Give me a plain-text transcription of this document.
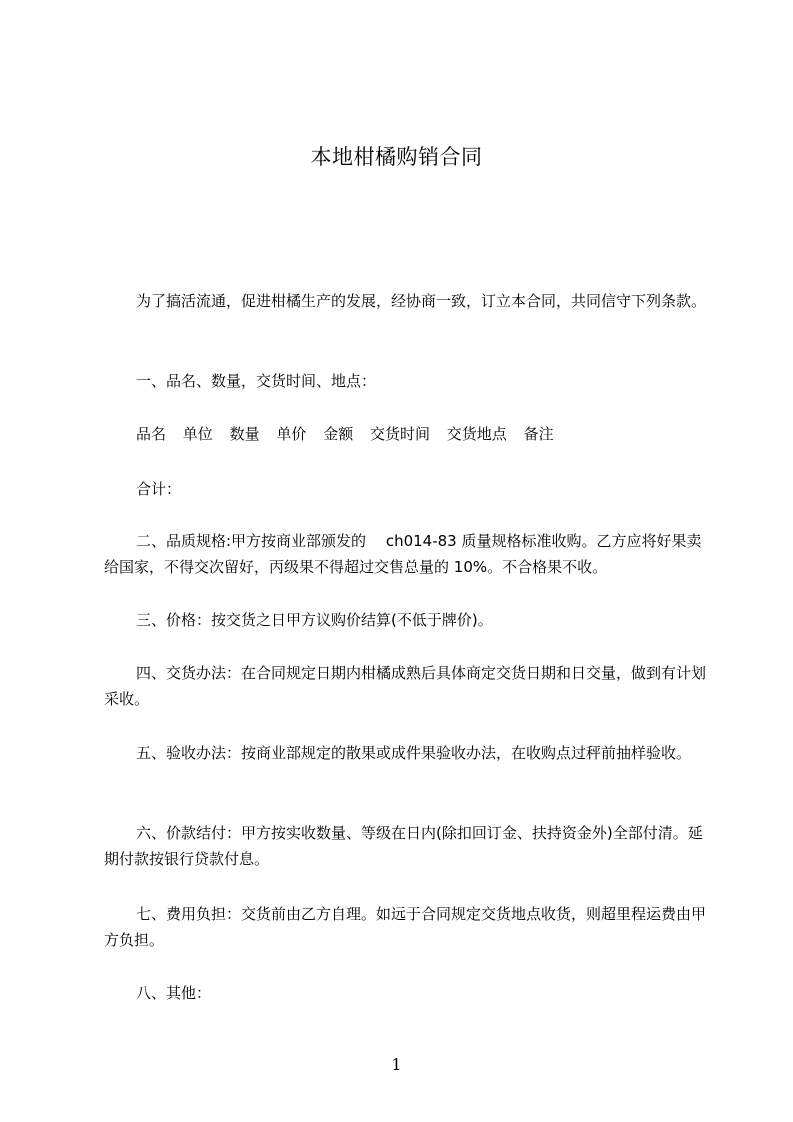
本地柑橘购销合同

为了搞活流通，促进柑橘生产的发展，经协商一致，订立本合同，共同信守下列条款。

一、品名、数量，交货时间、地点：

品名 单位 数量 单价 金额 交货时间 交货地点 备注

合计：

二、品质规格:甲方按商业部颁发的　 ch014-83 质量规格标准收购。乙方应将好果卖给国家，不得交次留好，丙级果不得超过交售总量的 10%。不合格果不收。

三、价格：按交货之日甲方议购价结算(不低于牌价)。

四、交货办法：在合同规定日期内柑橘成熟后具体商定交货日期和日交量，做到有计划采收。

五、验收办法：按商业部规定的散果或成件果验收办法，在收购点过秤前抽样验收。

六、价款结付：甲方按实收数量、等级在日内(除扣回订金、扶持资金外)全部付清。延期付款按银行贷款付息。

七、费用负担：交货前由乙方自理。如远于合同规定交货地点收货，则超里程运费由甲方负担。

八、其他：

1
